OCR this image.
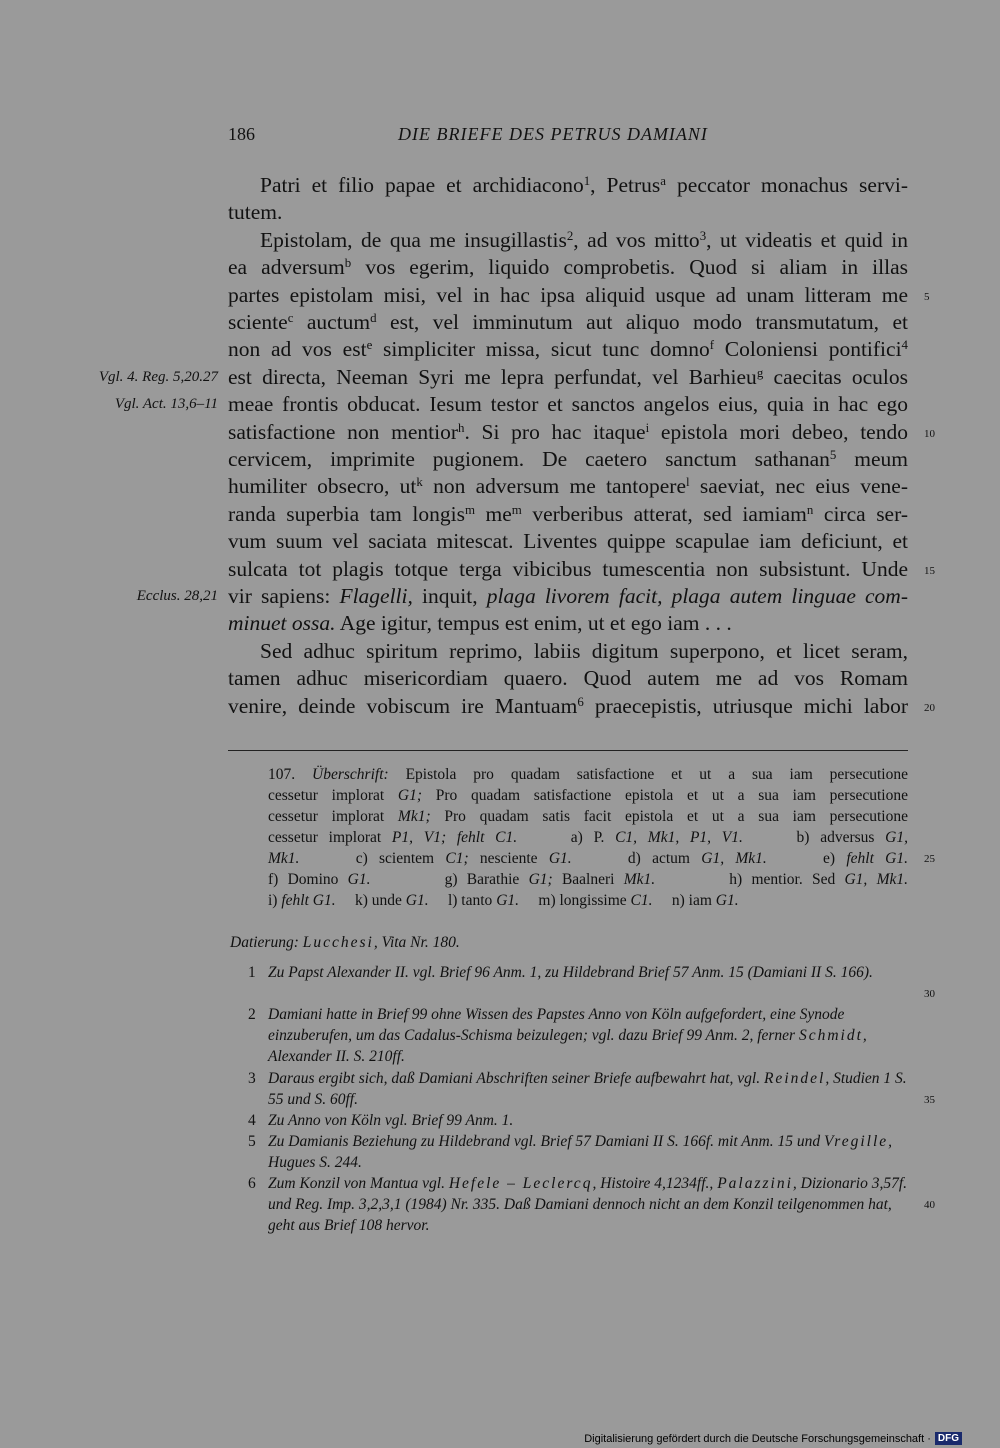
186	DIE BRIEFE DES PETRUS DAMIANI
Patri et filio papae et archidiacono$^1$, Petrus$^a$ peccator monachus servi-
tutem.
Epistolam, de qua me insugillastis$^2$, ad vos mitto$^3$, ut videatis et quid in
ea adversum$^b$ vos egerim, liquido comprobetis. Quod si aliam in illas
partes epistolam misi, vel in hac ipsa aliquid usque ad unam litteram me
sciente$^c$ auctum$^d$ est, vel imminutum aut aliquo modo transmutatum, et
non ad vos est$^e$ simpliciter missa, sicut tunc domno$^f$ Coloniensi pontifici$^4$
est directa, Neeman Syri me lepra perfundat, vel Barhieu$^g$ caecitas oculos
meae frontis obducat. Iesum testor et sanctos angelos eius, quia in hac ego
satisfactione non mentior$^h$. Si pro hac itaque$^i$ epistola mori debeo, tendo
cervicem, imprimite pugionem. De caetero sanctum sathanan$^5$ meum
humiliter obsecro, $ut^k$ non adversum me tantopere$^l$ saeviat, nec eius vene-
randa superbia tam longis$^m$ $me^m$ verberibus atterat, sed iamiam$^n$ circa ser-
vum suum vel saciata mitescat. Liventes quippe scapulae iam deficiunt, et
sulcata tot plagis totque terga vibicibus tumescentia non subsistunt. Unde
vir sapiens: Flagelli, inquit, plaga livorem facit, plaga autem linguae com-
minuet ossa. Age igitur, tempus est enim, ut et ego iam . . .
Sed adhuc spiritum reprimo, labiis digitum superpono, et licet seram,
tamen adhuc misericordiam quaero. Quod autem me ad vos Romam
venire, deinde vobiscum ire Mantuam$^6$ praecepistis, utriusque michi labor
Vgl. 4. Reg. 5,20.27
Vgl. Act. 13,6–11
Ecclus. 28,21
5
10
15
20
107. Überschrift: Epistola pro quadam satisfactione et ut a sua iam persecutione
cessetur implorat G1; Pro quadam satisfactione epistola et ut a sua iam persecutione
cessetur implorat Mk1; Pro quadam satis facit epistola et ut a sua iam persecutione
cessetur implorat P1, V1; fehlt C1.     a) P. C1, Mk1, P1, V1.     b) adversus G1,
Mk1.     c) scientem C1; nesciente G1.     d) actum G1, Mk1.     e) fehlt G1.
f) Domino G1.        g) Barathie G1; Baalneri Mk1.        h) mentior. Sed G1, Mk1.
i) fehlt G1.     k) unde G1.     l) tanto G1.     m) longissime C1.     n) iam G1.
25
Datierung: Lucchesi, Vita Nr. 180.
1 Zu Papst Alexander II. vgl. Brief 96 Anm. 1, zu Hildebrand Brief 57 Anm. 15 (Damiani II S. 166).
2 Damiani hatte in Brief 99 ohne Wissen des Papstes Anno von Köln aufgefordert, eine Synode einzuberufen, um das Cadalus-Schisma beizulegen; vgl. dazu Brief 99 Anm. 2, ferner Schmidt, Alexander II. S. 210ff.
3 Daraus ergibt sich, daß Damiani Abschriften seiner Briefe aufbewahrt hat, vgl. Reindel, Studien 1 S. 55 und S. 60ff.
4 Zu Anno von Köln vgl. Brief 99 Anm. 1.
5 Zu Damianis Beziehung zu Hildebrand vgl. Brief 57 Damiani II S. 166f. mit Anm. 15 und Vregille, Hugues S. 244.
6 Zum Konzil von Mantua vgl. Hefele – Leclercq, Histoire 4,1234ff., Palazzini, Dizionario 3,57f. und Reg. Imp. 3,2,3,1 (1984) Nr. 335. Daß Damiani dennoch nicht an dem Konzil teilgenommen hat, geht aus Brief 108 hervor.
30
35
40
Digitalisierung gefördert durch die Deutsche Forschungsgemeinschaft · DFG
